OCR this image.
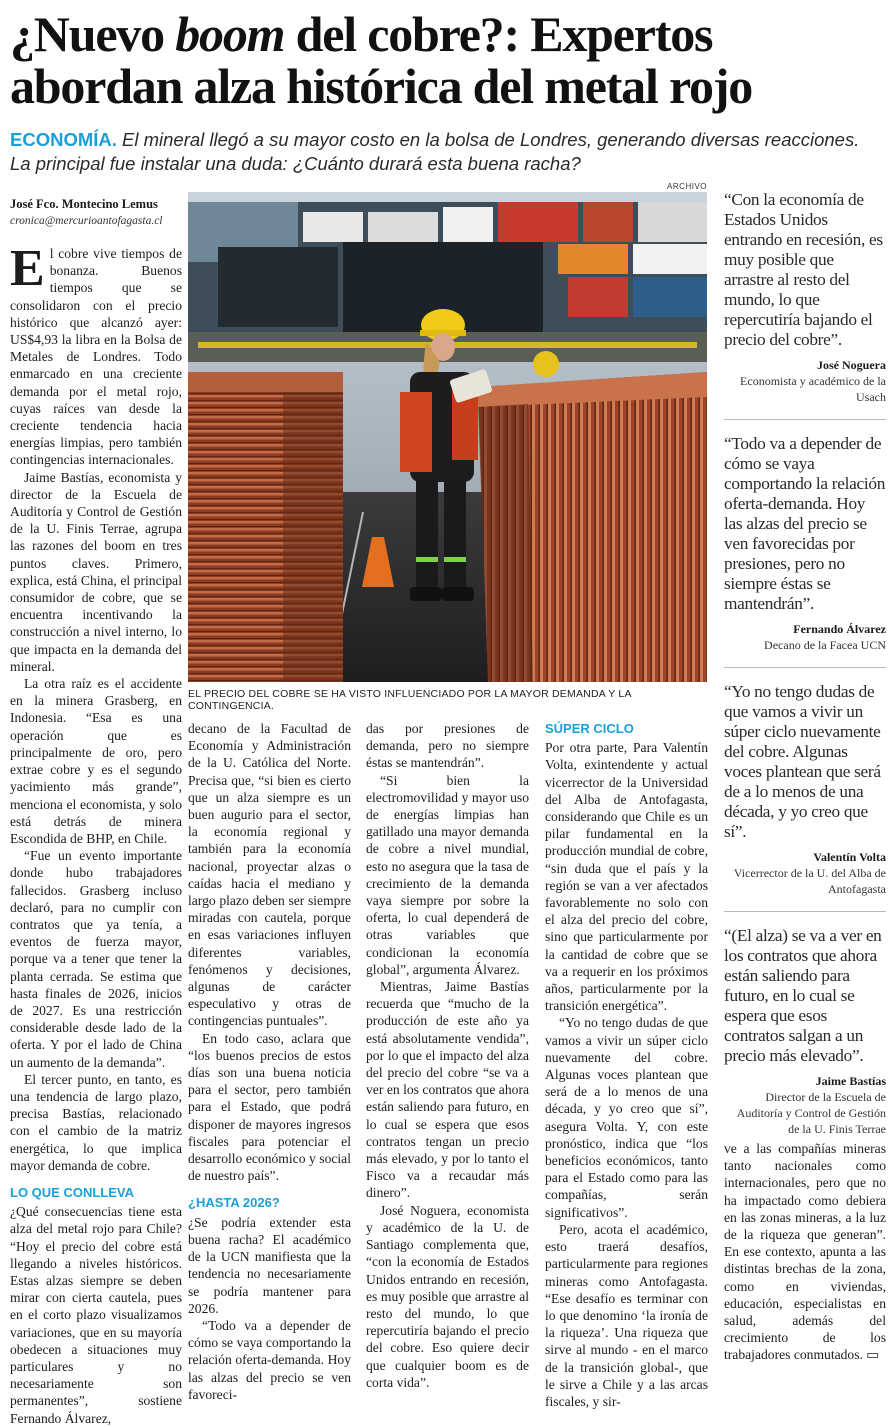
¿Nuevo boom del cobre?: Expertos abordan alza histórica del metal rojo
ECONOMÍA. El mineral llegó a su mayor costo en la bolsa de Londres, generando diversas reacciones. La principal fue instalar una duda: ¿Cuánto durará esta buena racha?
José Fco. Montecino Lemus
cronica@mercurioantofagasta.cl

El cobre vive tiempos de bonanza. Buenos tiempos que se consolidaron con el precio histórico que alcanzó ayer: US$4,93 la libra en la Bolsa de Metales de Londres. Todo enmarcado en una creciente demanda por el metal rojo, cuyas raíces van desde la creciente tendencia hacia energías limpias, pero también contingencias internacionales.

Jaime Bastías, economista y director de la Escuela de Auditoría y Control de Gestión de la U. Finis Terrae, agrupa las razones del boom en tres puntos claves. Primero, explica, está China, el principal consumidor de cobre, que se encuentra incentivando la construcción a nivel interno, lo que impacta en la demanda del mineral.

La otra raíz es el accidente en la minera Grasberg, en Indonesia. “Esa es una operación que es principalmente de oro, pero extrae cobre y es el segundo yacimiento más grande”, menciona el economista, y solo está detrás de minera Escondida de BHP, en Chile.

“Fue un evento importante donde hubo trabajadores fallecidos. Grasberg incluso declaró, para no cumplir con contratos que ya tenía, a eventos de fuerza mayor, porque va a tener que tener la planta cerrada. Se estima que hasta finales de 2026, inicios de 2027. Es una restricción considerable desde lado de la oferta. Y por el lado de China un aumento de la demanda”.

El tercer punto, en tanto, es una tendencia de largo plazo, precisa Bastías, relacionado con el cambio de la matriz energética, lo que implica mayor demanda de cobre.

LO QUE CONLLEVA

¿Qué consecuencias tiene esta alza del metal rojo para Chile? “Hoy el precio del cobre está llegando a niveles históricos. Estas alzas siempre se deben mirar con cierta cautela, pues en el corto plazo visualizamos variaciones, que en su mayoría obedecen a situaciones muy particulares y no necesariamente son permanentes”, sostiene Fernando Álvarez,

ARCHIVO
EL PRECIO DEL COBRE SE HA VISTO INFLUENCIADO POR LA MAYOR DEMANDA Y LA CONTINGENCIA.

decano de la Facultad de Economía y Administración de la U. Católica del Norte. Precisa que, “si bien es cierto que un alza siempre es un buen augurio para el sector, la economía regional y también para la economía nacional, proyectar alzas o caídas hacia el mediano y largo plazo deben ser siempre miradas con cautela, porque en esas variaciones influyen diferentes variables, fenómenos y decisiones, algunas de carácter especulativo y otras de contingencias puntuales”.

En todo caso, aclara que “los buenos precios de estos días son una buena noticia para el sector, pero también para el Estado, que podrá disponer de mayores ingresos fiscales para potenciar el desarrollo económico y social de nuestro país”.

¿HASTA 2026?

¿Se podría extender esta buena racha? El académico de la UCN manifiesta que la tendencia no necesariamente se podría mantener para 2026.

“Todo va a depender de cómo se vaya comportando la relación oferta-demanda. Hoy las alzas del precio se ven favoreci-

das por presiones de demanda, pero no siempre éstas se mantendrán”.

“Si bien la electromovilidad y mayor uso de energías limpias han gatillado una mayor demanda de cobre a nivel mundial, esto no asegura que la tasa de crecimiento de la demanda vaya siempre por sobre la oferta, lo cual dependerá de otras variables que condicionan la economía global”, argumenta Álvarez.

Mientras, Jaime Bastías recuerda que “mucho de la producción de este año ya está absolutamente vendida”, por lo que el impacto del alza del precio del cobre “se va a ver en los contratos que ahora están saliendo para futuro, en lo cual se espera que esos contratos tengan un precio más elevado, y por lo tanto el Fisco va a recaudar más dinero”.

José Noguera, economista y académico de la U. de Santiago complementa que, “con la economía de Estados Unidos entrando en recesión, es muy posible que arrastre al resto del mundo, lo que repercutiría bajando el precio del cobre. Eso quiere decir que cualquier boom es de corta vida”.

SÚPER CICLO

Por otra parte, Para Valentín Volta, exintendente y actual vicerrector de la Universidad del Alba de Antofagasta, considerando que Chile es un pilar fundamental en la producción mundial de cobre, “sin duda que el país y la región se van a ver afectados favorablemente no solo con el alza del precio del cobre, sino que particularmente por la cantidad de cobre que se va a requerir en los próximos años, particularmente por la transición energética”.

“Yo no tengo dudas de que vamos a vivir un súper ciclo nuevamente del cobre. Algunas voces plantean que será de a lo menos de una década, y yo creo que sí”, asegura Volta. Y, con este pronóstico, indica que “los beneficios económicos, tanto para el Estado como para las compañías, serán significativos”.

Pero, acota el académico, esto traerá desafíos, particularmente para regiones mineras como Antofagasta. “Ese desafío es terminar con lo que denomino ‘la ironía de la riqueza’. Una riqueza que sirve al mundo - en el marco de la transición global-, que le sirve a Chile y a las arcas fiscales, y sir-

ve a las compañías mineras tanto nacionales como internacionales, pero que no ha impactado como debiera en las zonas mineras, a la luz de la riqueza que generan”. En ese contexto, apunta a las distintas brechas de la zona, como en viviendas, educación, especialistas en salud, además del crecimiento de los trabajadores conmutados. ▭

“Con la economía de Estados Unidos entrando en recesión, es muy posible que arrastre al resto del mundo, lo que repercutiría bajando el precio del cobre”.
José Noguera
Economista y académico de la Usach
“Todo va a depender de cómo se vaya comportando la relación oferta-demanda. Hoy las alzas del precio se ven favorecidas por presiones, pero no siempre éstas se mantendrán”.
Fernando Álvarez
Decano de la Facea UCN
“Yo no tengo dudas de que vamos a vivir un súper ciclo nuevamente del cobre. Algunas voces plantean que será de a lo menos de una década, y yo creo que sí”.
Valentín Volta
Vicerrector de la U. del Alba de Antofagasta
“(El alza) se va a ver en los contratos que ahora están saliendo para futuro, en lo cual se espera que esos contratos salgan a un precio más elevado”.
Jaime Bastías
Director de la Escuela de Auditoría y Control de Gestión de la U. Finis Terrae
